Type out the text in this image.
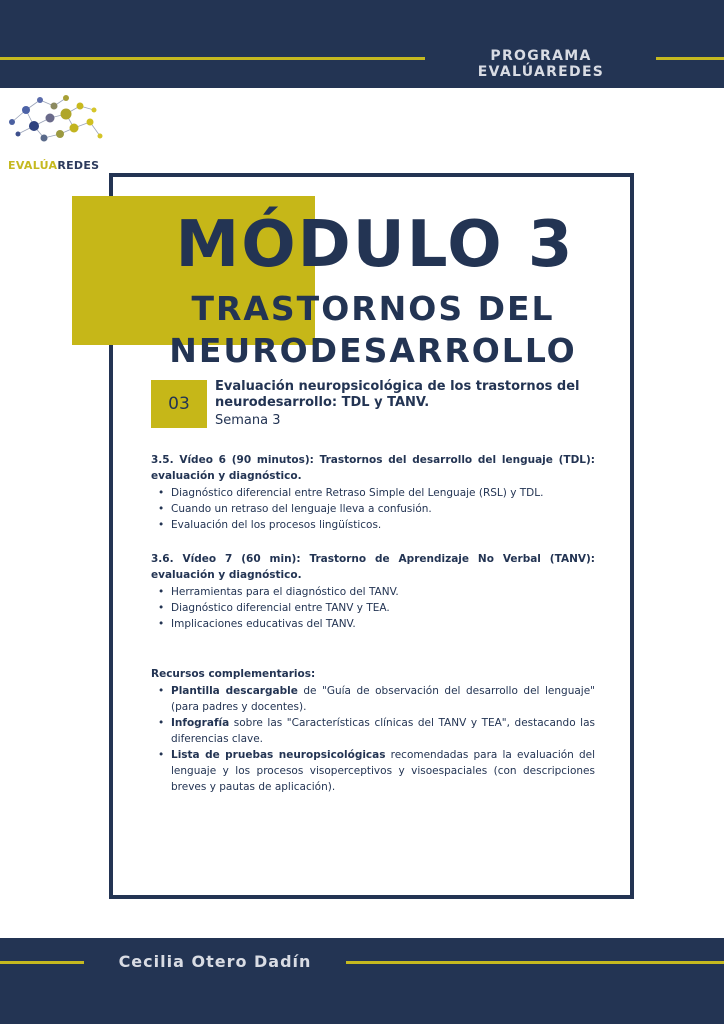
PROGRAMA EVALÚAREDES
EVALÚAREDES
MÓDULO 3
TRASTORNOS DEL
NEURODESARROLLO
03
Evaluación neuropsicológica de los trastornos del neurodesarrollo: TDL y TANV.
Semana 3
3.5. Vídeo 6 (90 minutos): Trastornos del desarrollo del lenguaje (TDL): evaluación y diagnóstico.
• Diagnóstico diferencial entre Retraso Simple del Lenguaje (RSL) y TDL.
• Cuando un retraso del lenguaje lleva a confusión.
• Evaluación del los procesos lingüísticos.
3.6. Vídeo 7 (60 min): Trastorno de Aprendizaje No Verbal (TANV): evaluación y diagnóstico.
• Herramientas para el diagnóstico del TANV.
• Diagnóstico diferencial entre TANV y TEA.
• Implicaciones educativas del TANV.
Recursos complementarios:
• Plantilla descargable de "Guía de observación del desarrollo del lenguaje" (para padres y docentes).
• Infografía sobre las "Características clínicas del TANV y TEA", destacando las diferencias clave.
• Lista de pruebas neuropsicológicas recomendadas para la evaluación del lenguaje y los procesos visoperceptivos y visoespaciales (con descripciones breves y pautas de aplicación).
Cecilia Otero Dadín
